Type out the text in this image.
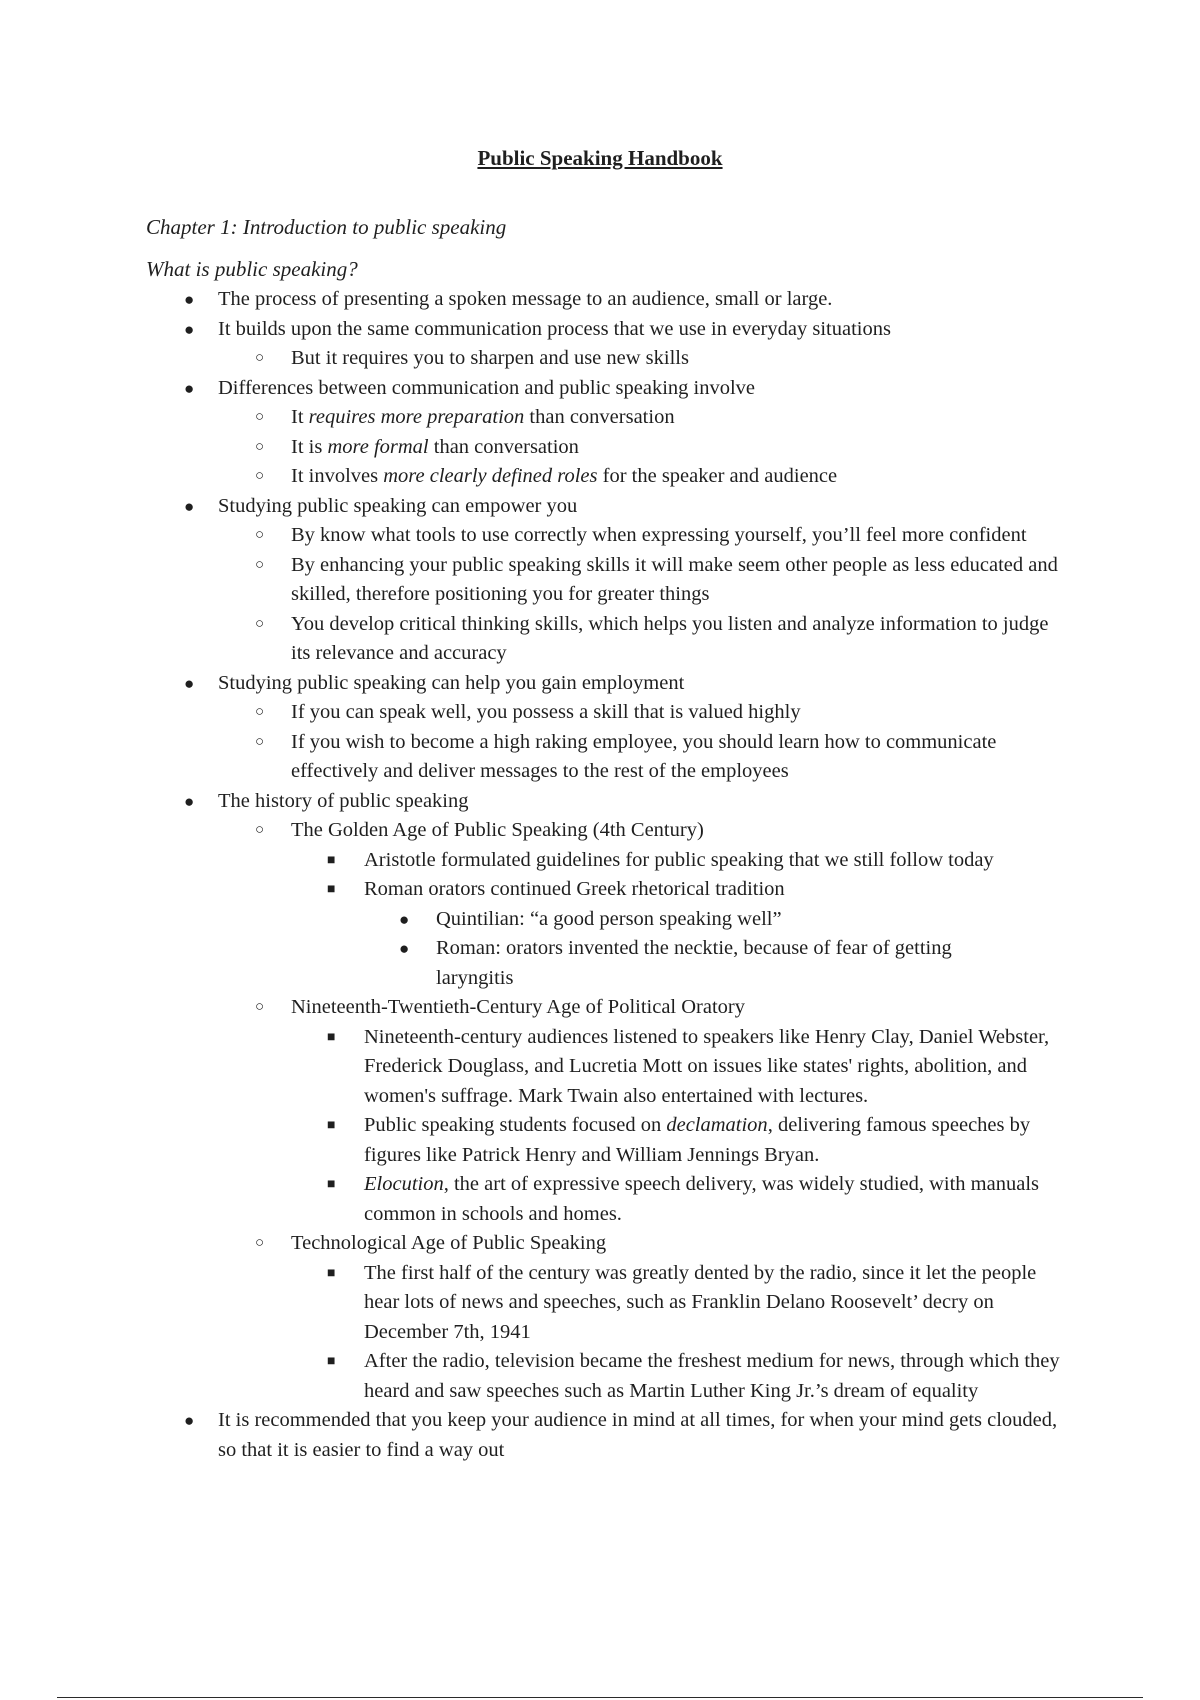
Public Speaking Handbook
Chapter 1: Introduction to public speaking
What is public speaking?
● The process of presenting a spoken message to an audience, small or large.
● It builds upon the same communication process that we use in everyday situations
○ But it requires you to sharpen and use new skills
● Differences between communication and public speaking involve
○ It requires more preparation than conversation
○ It is more formal than conversation
○ It involves more clearly defined roles for the speaker and audience
● Studying public speaking can empower you
○ By know what tools to use correctly when expressing yourself, you’ll feel more confident
○ By enhancing your public speaking skills it will make seem other people as less educated and skilled, therefore positioning you for greater things
○ You develop critical thinking skills, which helps you listen and analyze information to judge its relevance and accuracy
● Studying public speaking can help you gain employment
○ If you can speak well, you possess a skill that is valued highly
○ If you wish to become a high raking employee, you should learn how to communicate effectively and deliver messages to the rest of the employees
● The history of public speaking
○ The Golden Age of Public Speaking (4th Century)
■ Aristotle formulated guidelines for public speaking that we still follow today
■ Roman orators continued Greek rhetorical tradition
● Quintilian: “a good person speaking well”
● Roman: orators invented the necktie, because of fear of getting laryngitis
○ Nineteenth-Twentieth-Century Age of Political Oratory
■ Nineteenth-century audiences listened to speakers like Henry Clay, Daniel Webster, Frederick Douglass, and Lucretia Mott on issues like states' rights, abolition, and women's suffrage. Mark Twain also entertained with lectures.
■ Public speaking students focused on declamation, delivering famous speeches by figures like Patrick Henry and William Jennings Bryan.
■ Elocution, the art of expressive speech delivery, was widely studied, with manuals common in schools and homes.
○ Technological Age of Public Speaking
■ The first half of the century was greatly dented by the radio, since it let the people hear lots of news and speeches, such as Franklin Delano Roosevelt’ decry on December 7th, 1941
■ After the radio, television became the freshest medium for news, through which they heard and saw speeches such as Martin Luther King Jr.’s dream of equality
● It is recommended that you keep your audience in mind at all times, for when your mind gets clouded, so that it is easier to find a way out
